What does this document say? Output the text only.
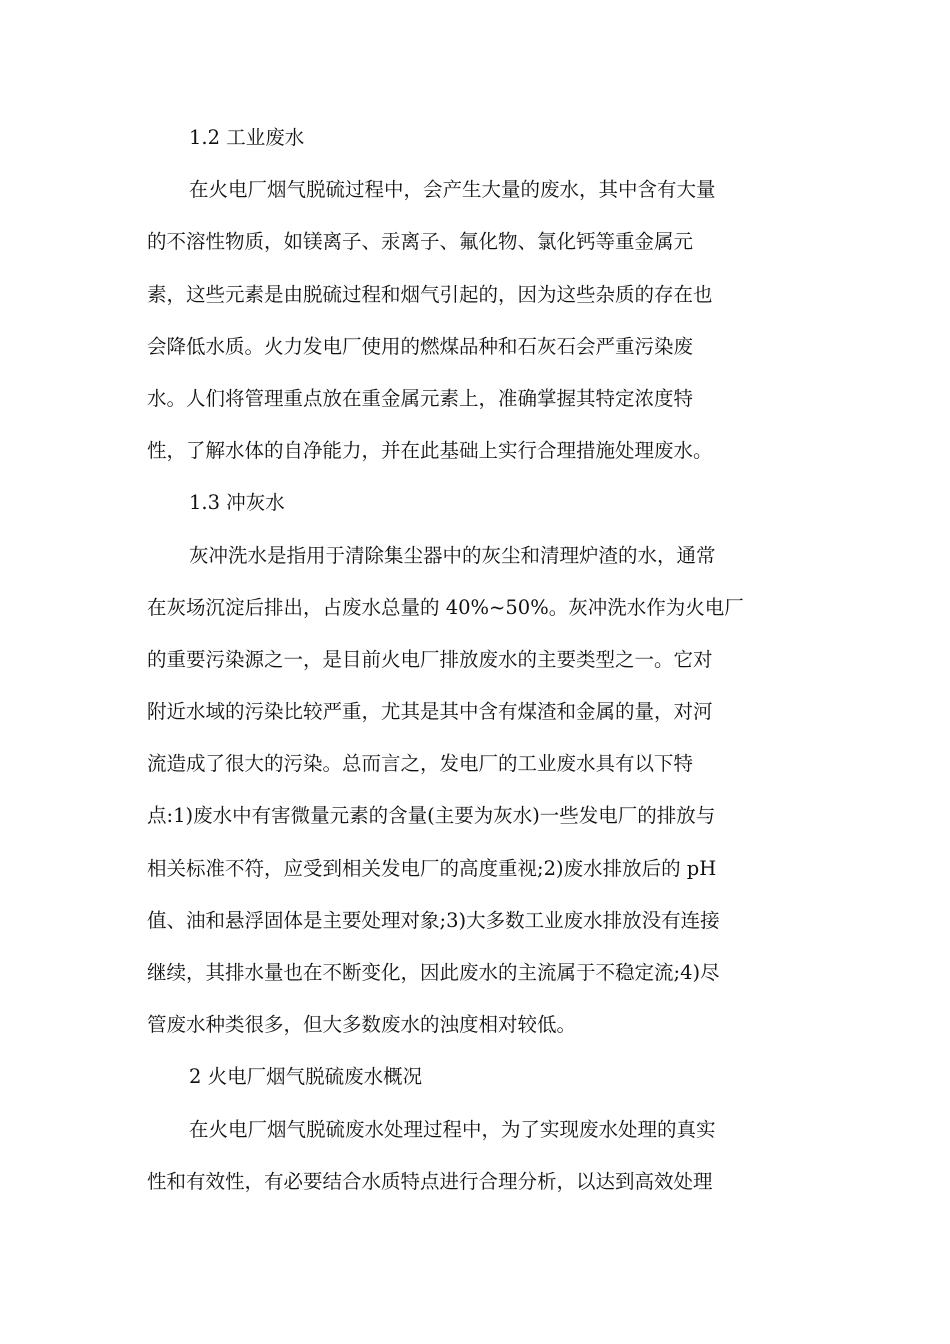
1.2 工业废水
在火电厂烟气脱硫过程中，会产生大量的废水，其中含有大量
的不溶性物质，如镁离子、汞离子、氟化物、氯化钙等重金属元
素，这些元素是由脱硫过程和烟气引起的，因为这些杂质的存在也
会降低水质。火力发电厂使用的燃煤品种和石灰石会严重污染废
水。人们将管理重点放在重金属元素上，准确掌握其特定浓度特
性，了解水体的自净能力，并在此基础上实行合理措施处理废水。
1.3 冲灰水
灰冲洗水是指用于清除集尘器中的灰尘和清理炉渣的水，通常
在灰场沉淀后排出，占废水总量的 40%~50%。灰冲洗水作为火电厂
的重要污染源之一，是目前火电厂排放废水的主要类型之一。它对
附近水域的污染比较严重，尤其是其中含有煤渣和金属的量，对河
流造成了很大的污染。总而言之，发电厂的工业废水具有以下特
点:1)废水中有害微量元素的含量(主要为灰水)一些发电厂的排放与
相关标准不符，应受到相关发电厂的高度重视;2)废水排放后的 pH
值、油和悬浮固体是主要处理对象;3)大多数工业废水排放没有连接
继续，其排水量也在不断变化，因此废水的主流属于不稳定流;4)尽
管废水种类很多，但大多数废水的浊度相对较低。
2 火电厂烟气脱硫废水概况
在火电厂烟气脱硫废水处理过程中，为了实现废水处理的真实
性和有效性，有必要结合水质特点进行合理分析，以达到高效处理
